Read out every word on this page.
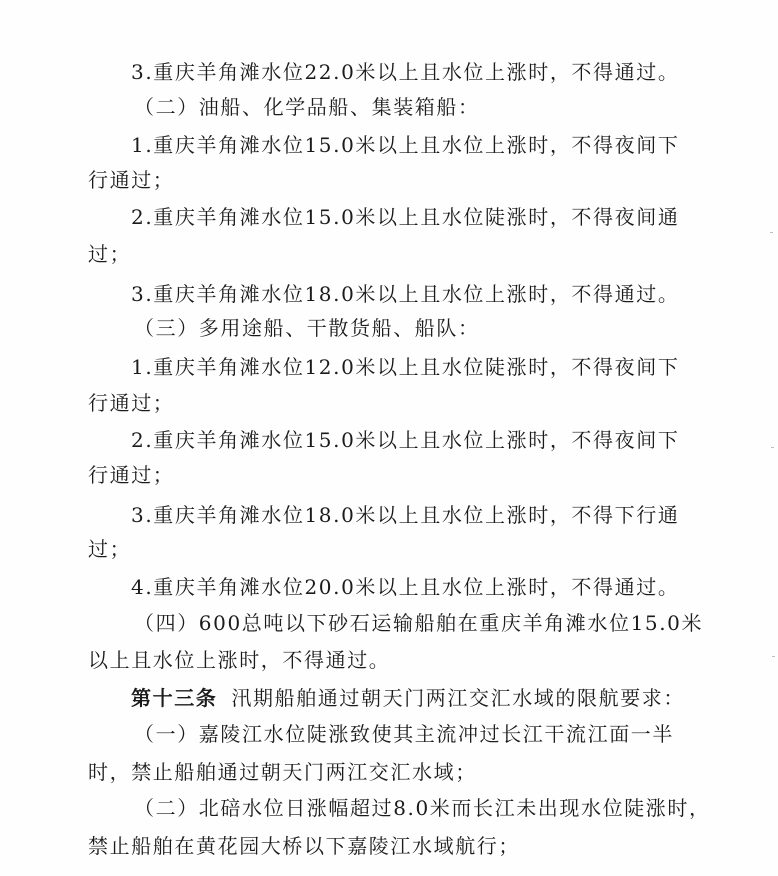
3.重庆羊角滩水位22.0米以上且水位上涨时，不得通过。
（二）油船、化学品船、集装箱船：
1.重庆羊角滩水位15.0米以上且水位上涨时，不得夜间下
行通过；
2.重庆羊角滩水位15.0米以上且水位陡涨时，不得夜间通
过；
3.重庆羊角滩水位18.0米以上且水位上涨时，不得通过。
（三）多用途船、干散货船、船队：
1.重庆羊角滩水位12.0米以上且水位陡涨时，不得夜间下
行通过；
2.重庆羊角滩水位15.0米以上且水位上涨时，不得夜间下
行通过；
3.重庆羊角滩水位18.0米以上且水位上涨时，不得下行通
过；
4.重庆羊角滩水位20.0米以上且水位上涨时，不得通过。
（四）600总吨以下砂石运输船舶在重庆羊角滩水位15.0米
以上且水位上涨时，不得通过。
第十三条 汛期船舶通过朝天门两江交汇水域的限航要求：
（一）嘉陵江水位陡涨致使其主流冲过长江干流江面一半
时，禁止船舶通过朝天门两江交汇水域；
（二）北碚水位日涨幅超过8.0米而长江未出现水位陡涨时，
禁止船舶在黄花园大桥以下嘉陵江水域航行；
